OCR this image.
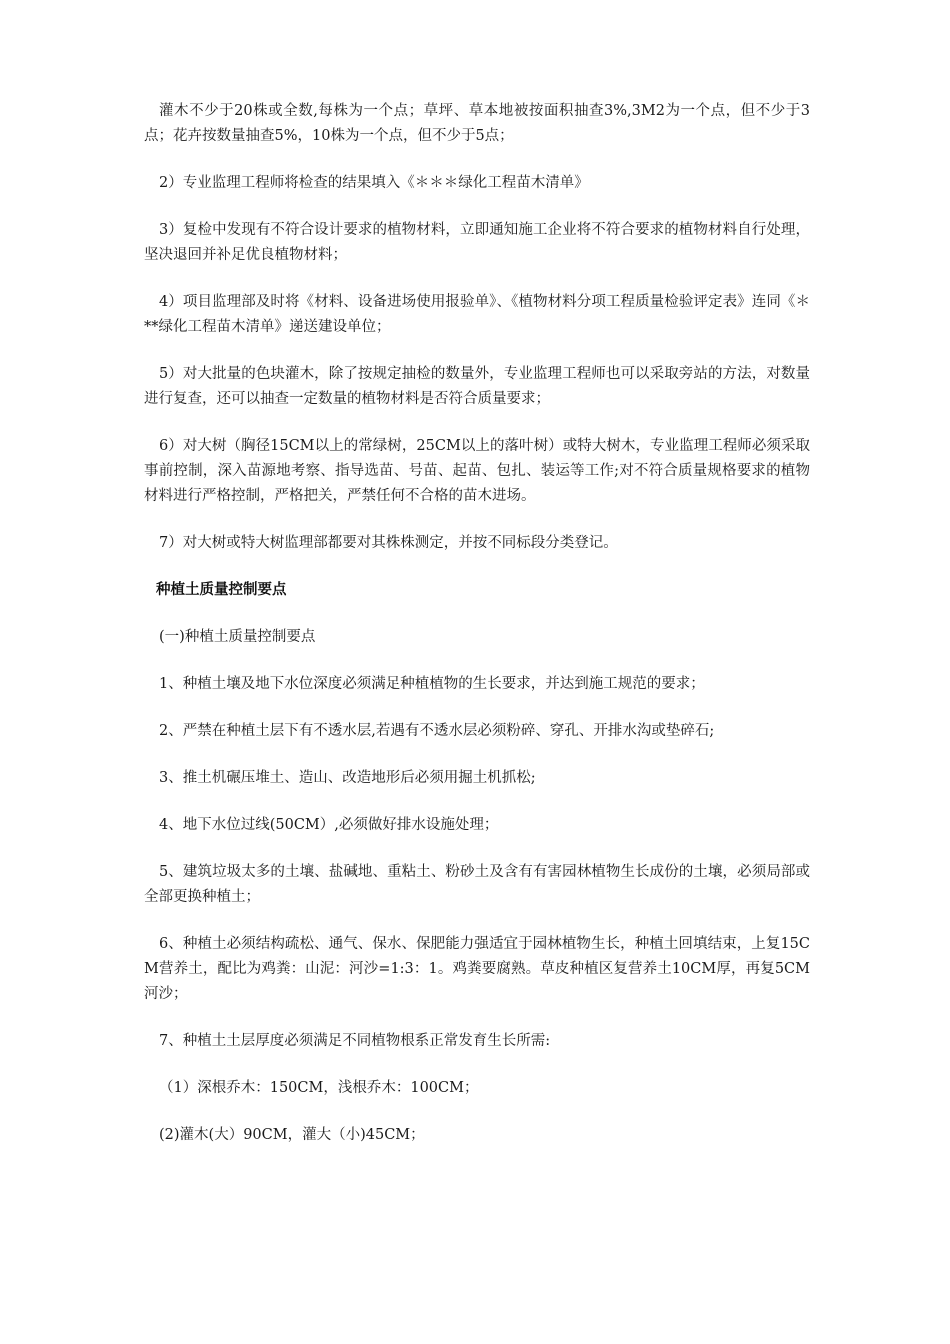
灌木不少于20株或全数,每株为一个点；草坪、草本地被按面积抽查3%,3M2为一个点，但不少于3点；花卉按数量抽查5%，10株为一个点，但不少于5点；

2）专业监理工程师将检查的结果填入《＊＊＊绿化工程苗木清单》

3）复检中发现有不符合设计要求的植物材料，立即通知施工企业将不符合要求的植物材料自行处理，坚决退回并补足优良植物材料；

4）项目监理部及时将《材料、设备进场使用报验单》、《植物材料分项工程质量检验评定表》连同《＊**绿化工程苗木清单》递送建设单位；

5）对大批量的色块灌木，除了按规定抽检的数量外，专业监理工程师也可以采取旁站的方法，对数量进行复查，还可以抽查一定数量的植物材料是否符合质量要求；

6）对大树（胸径15CM以上的常绿树，25CM以上的落叶树）或特大树木，专业监理工程师必须采取事前控制，深入苗源地考察、指导选苗、号苗、起苗、包扎、装运等工作;对不符合质量规格要求的植物材料进行严格控制，严格把关，严禁任何不合格的苗木进场。

7）对大树或特大树监理部都要对其株株测定，并按不同标段分类登记。

种植土质量控制要点

(一)种植土质量控制要点

1、种植土壤及地下水位深度必须满足种植植物的生长要求，并达到施工规范的要求；

2、严禁在种植土层下有不透水层,若遇有不透水层必须粉碎、穿孔、开排水沟或垫碎石;

3、推土机碾压堆土、造山、改造地形后必须用掘土机抓松;

4、地下水位过线(50CM）,必须做好排水设施处理；

5、建筑垃圾太多的土壤、盐碱地、重粘土、粉砂土及含有有害园林植物生长成份的土壤，必须局部或全部更换种植土；

6、种植土必须结构疏松、通气、保水、保肥能力强适宜于园林植物生长，种植土回填结束，上复15CM营养土，配比为鸡粪：山泥：河沙=1:3：1。鸡粪要腐熟。草皮种植区复营养土10CM厚，再复5CM河沙；

7、种植土土层厚度必须满足不同植物根系正常发育生长所需:

（1）深根乔木：150CM，浅根乔木：100CM；

(2)灌木(大）90CM，灌大（小)45CM；
